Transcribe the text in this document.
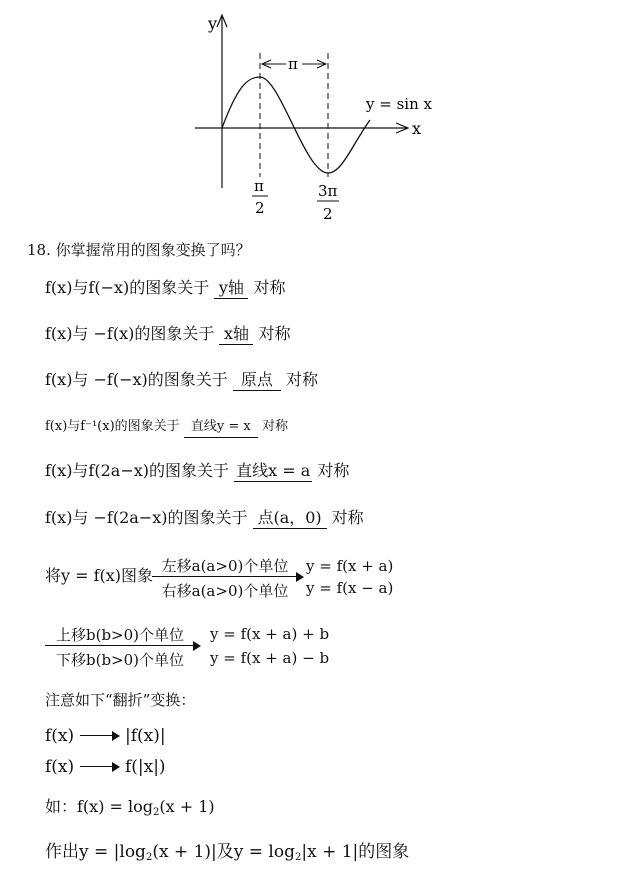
y
x
π
y = sin x
π
2
3π
2
18. 你掌握常用的图象变换了吗？
f(x)与f(−x)的图象关于 y轴 对称
f(x)与 −f(x)的图象关于 x轴 对称
f(x)与 −f(−x)的图象关于 原点 对称
f(x)与f⁻¹(x)的图象关于 直线y = x 对称
f(x)与f(2a−x)的图象关于 直线x = a 对称
f(x)与 −f(2a−x)的图象关于 点(a，0) 对称
将y = f(x)图象 左移a(a>0)个单位
右移a(a>0)个单位
y = f(x + a)
y = f(x − a)
上移b(b>0)个单位
下移b(b>0)个单位
y = f(x + a) + b
y = f(x + a) − b
注意如下“翻折”变换：
f(x)	|f(x)|
f(x)	f(|x|)
如：$f(x) = \log_2(x + 1)$
作出$y = |\log_2(x + 1)|$及$y = \log_2|x + 1|$的图象
